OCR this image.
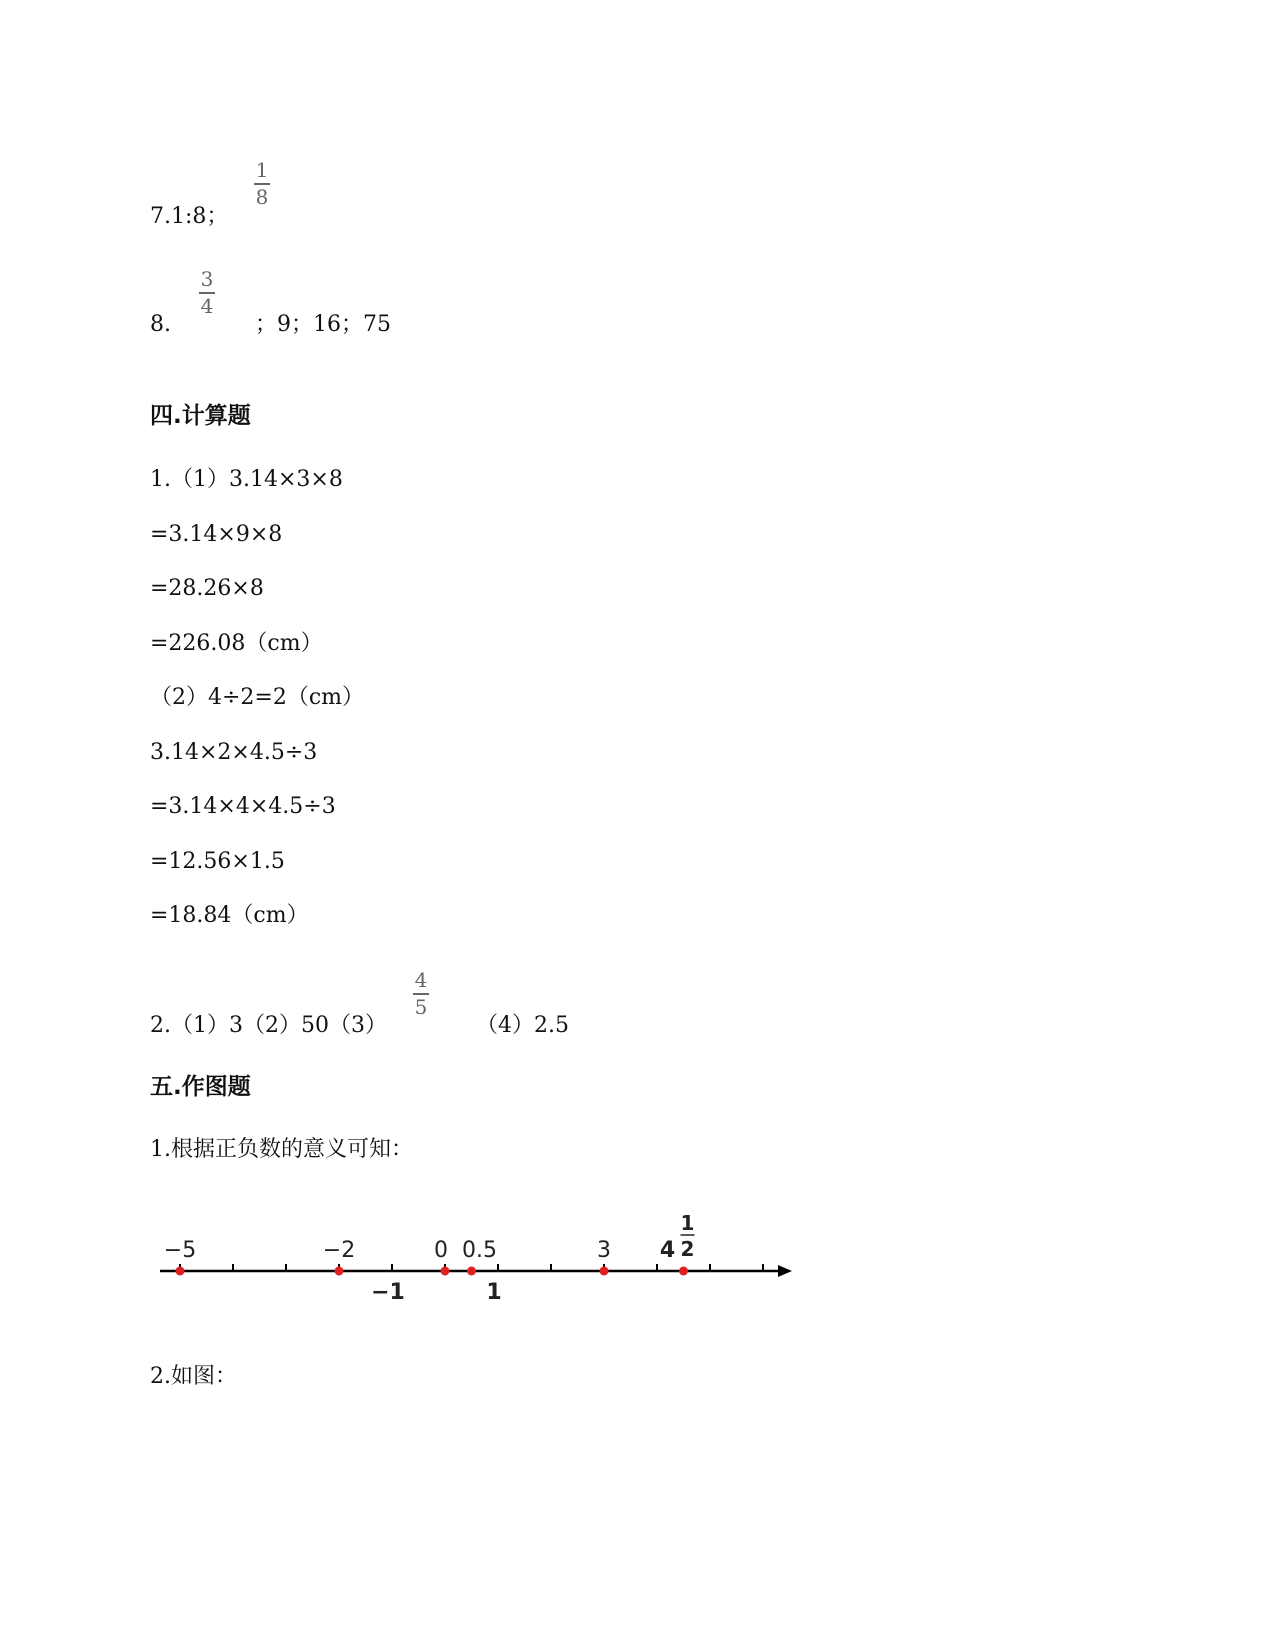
7.1:8；
1
8
8.
3
4
；9；16；75
四.计算题
1.（1）3.14×3×8
=3.14×9×8
=28.26×8
=226.08（cm）
（2）4÷2=2（cm）
3.14×2×4.5÷3
=3.14×4×4.5÷3
=12.56×1.5
=18.84（cm）
2.（1）3（2）50（3）
4
5
（4）2.5
五.作图题
1.根据正负数的意义可知：
−5	−2	0 0.5	3 4
1
2
−1	1
2.如图：
